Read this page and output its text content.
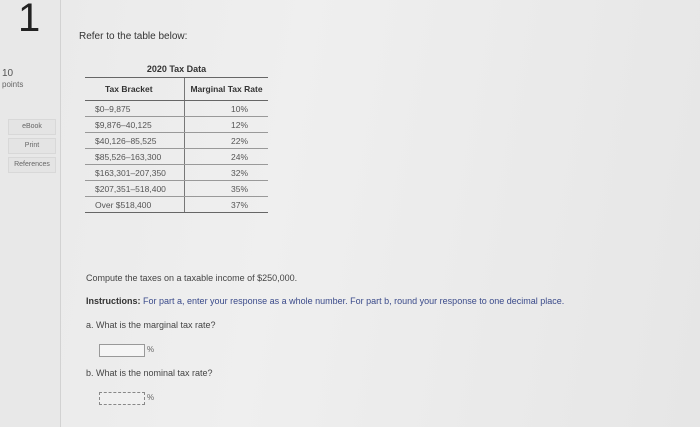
1
10
points
eBook
Print
References
Refer to the table below:
2020 Tax Data
Tax Bracket	Marginal Tax Rate
$0–9,875	10%
$9,876–40,125	12%
$40,126–85,525	22%
$85,526–163,300	24%
$163,301–207,350	32%
$207,351–518,400	35%
Over $518,400	37%
Compute the taxes on a taxable income of $250,000.
Instructions: For part a, enter your response as a whole number. For part b, round your response to one decimal place.
a. What is the marginal tax rate?
%
b. What is the nominal tax rate?
%
